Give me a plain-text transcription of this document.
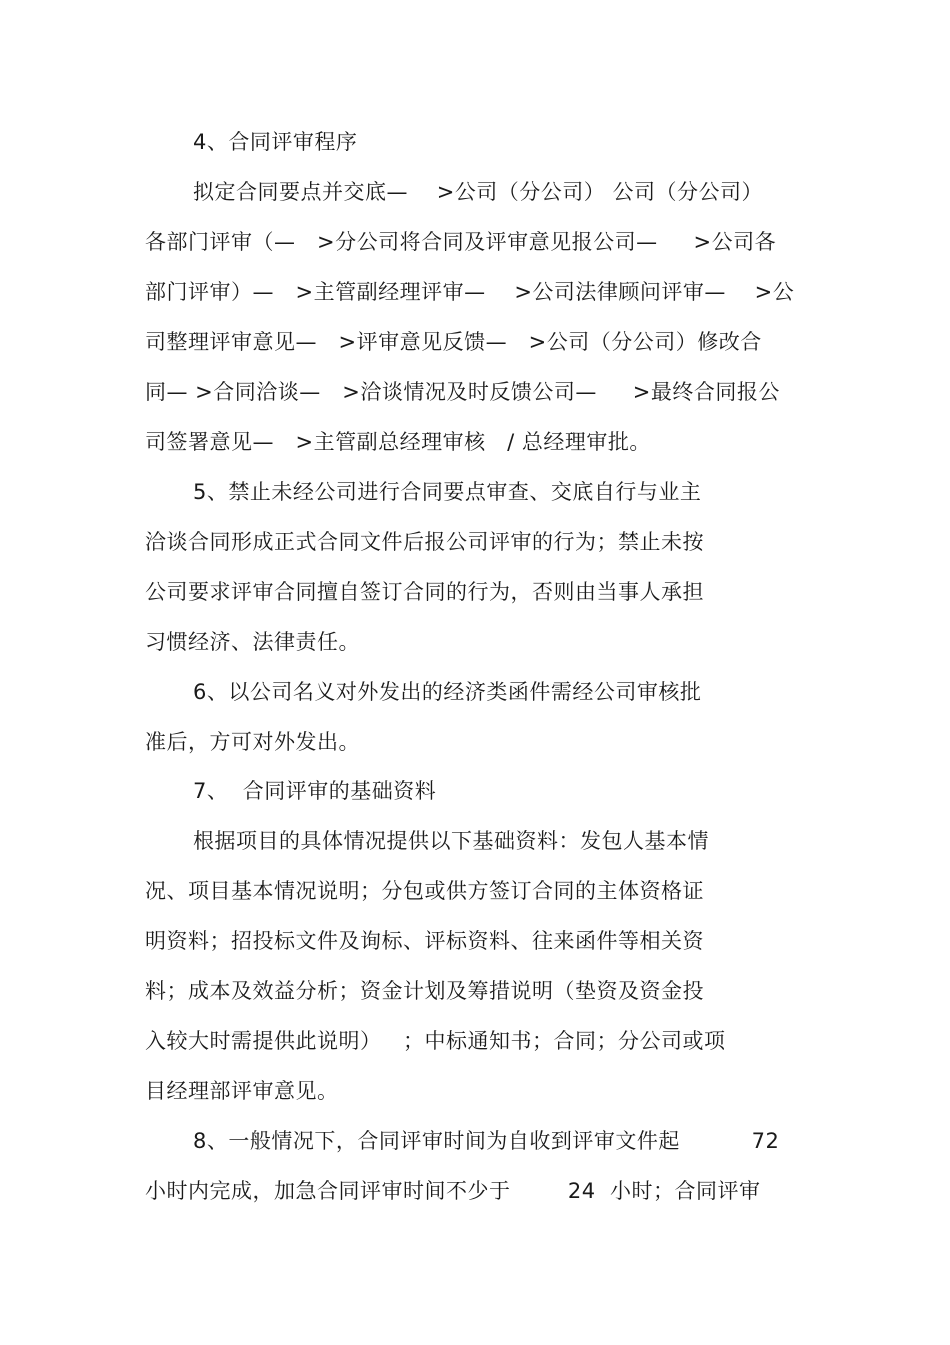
4、合同评审程序
拟定合同要点并交底—    >公司（分公司） 公司（分公司）
各部门评审（—   >分公司将合同及评审意见报公司—     >公司各
部门评审）—   >主管副经理评审—    >公司法律顾问评审—    >公
司整理评审意见—   >评审意见反馈—   >公司（分公司）修改合
同— >合同洽谈—   >洽谈情况及时反馈公司—     >最终合同报公
司签署意见—   >主管副总经理审核   / 总经理审批。
5、禁止未经公司进行合同要点审查、交底自行与业主
洽谈合同形成正式合同文件后报公司评审的行为；禁止未按
公司要求评审合同擅自签订合同的行为，否则由当事人承担
习惯经济、法律责任。
6、以公司名义对外发出的经济类函件需经公司审核批
准后，方可对外发出。
7、  合同评审的基础资料
根据项目的具体情况提供以下基础资料：发包人基本情
况、项目基本情况说明；分包或供方签订合同的主体资格证
明资料；招投标文件及询标、评标资料、往来函件等相关资
料；成本及效益分析；资金计划及筹措说明（垫资及资金投
入较大时需提供此说明）   ；中标通知书；合同；分公司或项
目经理部评审意见。
8、一般情况下，合同评审时间为自收到评审文件起          72
小时内完成，加急合同评审时间不少于        24  小时；合同评审
